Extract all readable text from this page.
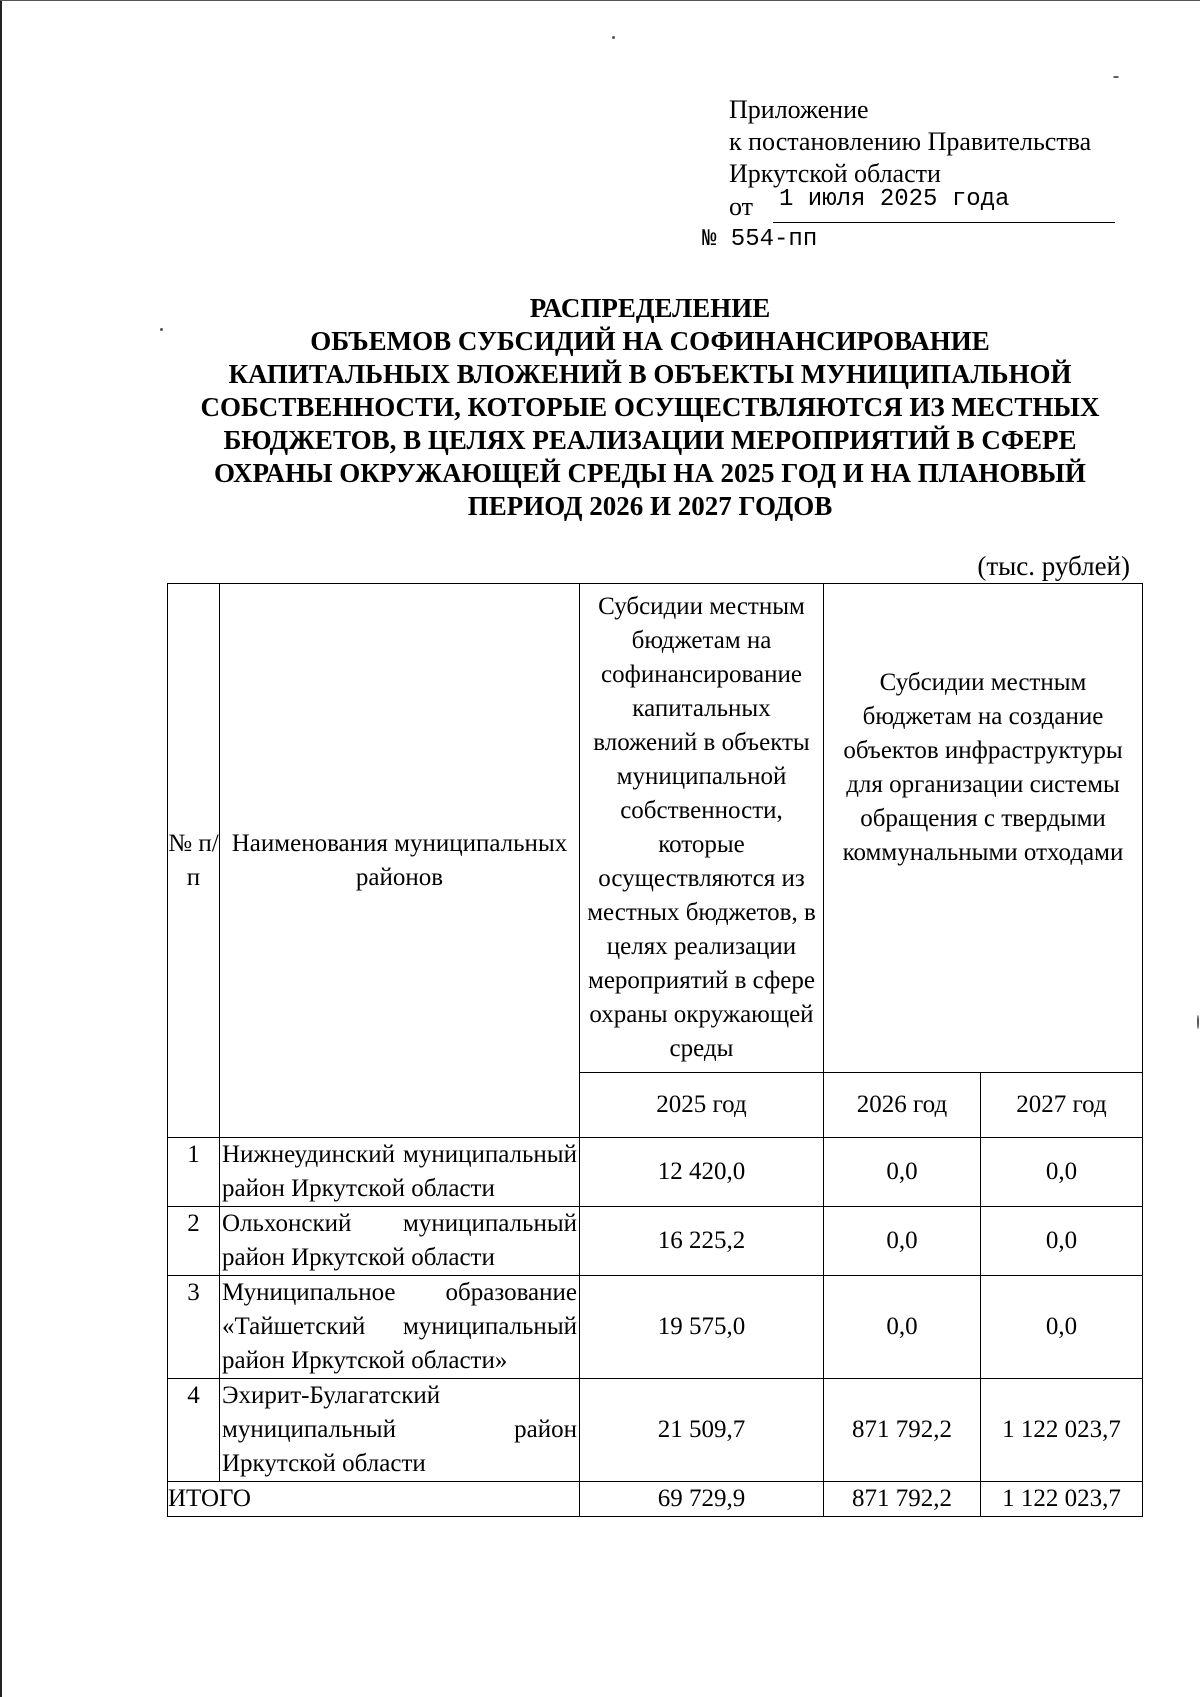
Приложение
к постановлению Правительства
Иркутской области
от 1 июля 2025 года
№ 554-пп
РАСПРЕДЕЛЕНИЕ
ОБЪЕМОВ СУБСИДИЙ НА СОФИНАНСИРОВАНИЕ
КАПИТАЛЬНЫХ ВЛОЖЕНИЙ В ОБЪЕКТЫ МУНИЦИПАЛЬНОЙ
СОБСТВЕННОСТИ, КОТОРЫЕ ОСУЩЕСТВЛЯЮТСЯ ИЗ МЕСТНЫХ
БЮДЖЕТОВ, В ЦЕЛЯХ РЕАЛИЗАЦИИ МЕРОПРИЯТИЙ В СФЕРЕ
ОХРАНЫ ОКРУЖАЮЩЕЙ СРЕДЫ НА 2025 ГОД И НА ПЛАНОВЫЙ
ПЕРИОД 2026 И 2027 ГОДОВ
(тыс. рублей)
№ п/п	Наименования муниципальных районов	Субсидии местным бюджетам на софинансирование капитальных вложений в объекты муниципальной собственности, которые осуществляются из местных бюджетов, в целях реализации мероприятий в сфере охраны окружающей среды	Субсидии местным бюджетам на создание объектов инфраструктуры для организации системы обращения с твердыми коммунальными отходами	
		2025 год	2026 год	2027 год
1	Нижнеудинский муниципальный район Иркутской области	12 420,0	0,0	0,0
2	Ольхонский муниципальный район Иркутской области	16 225,2	0,0	0,0
3	Муниципальное образование «Тайшетский муниципальный район Иркутской области»	19 575,0	0,0	0,0
4	Эхирит-Булагатский муниципальный район Иркутской области	21 509,7	871 792,2	1 122 023,7
ИТОГО		69 729,9	871 792,2	1 122 023,7
